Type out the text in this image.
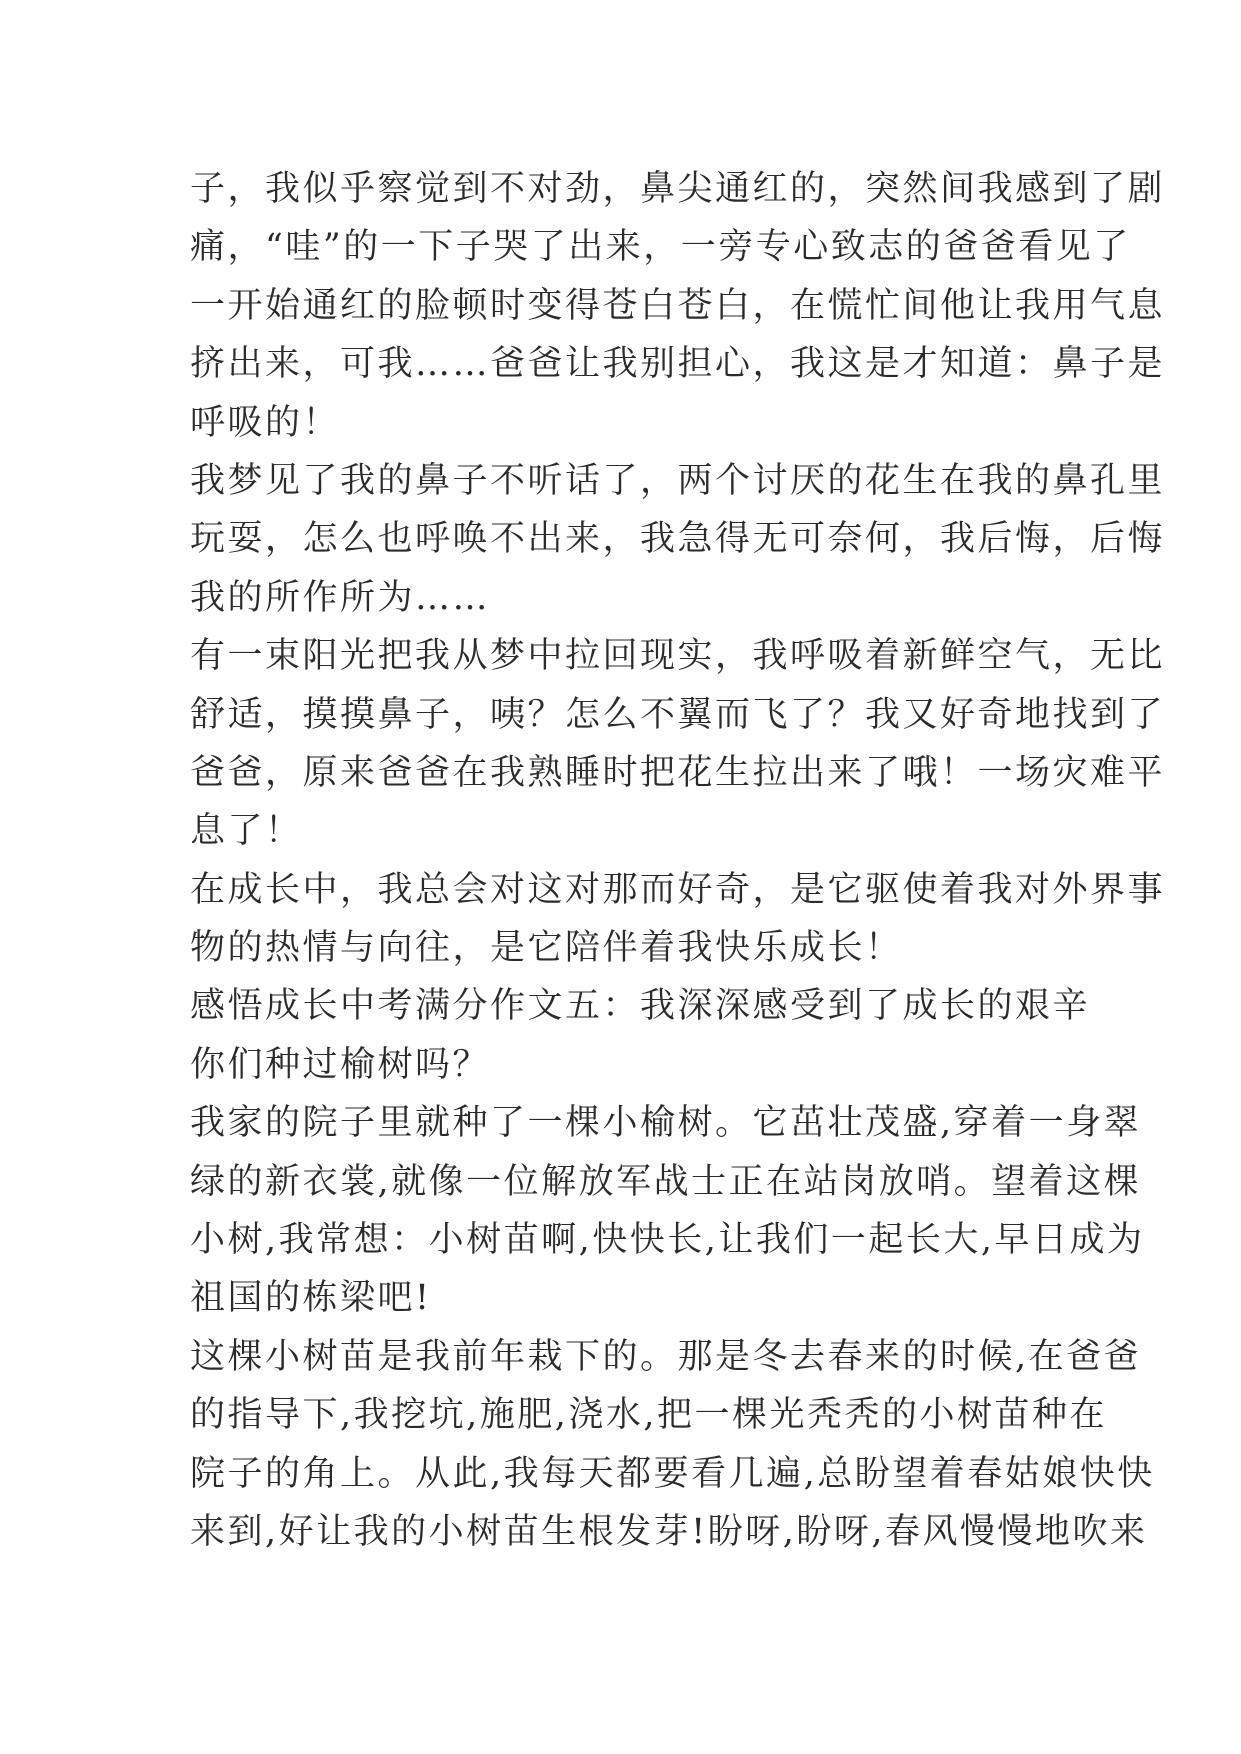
子，我似乎察觉到不对劲，鼻尖通红的，突然间我感到了剧
痛，“哇”的一下子哭了出来，一旁专心致志的爸爸看见了
一开始通红的脸顿时变得苍白苍白，在慌忙间他让我用气息
挤出来，可我……爸爸让我别担心，我这是才知道：鼻子是
呼吸的！
我梦见了我的鼻子不听话了，两个讨厌的花生在我的鼻孔里
玩耍，怎么也呼唤不出来，我急得无可奈何，我后悔，后悔
我的所作所为……
有一束阳光把我从梦中拉回现实，我呼吸着新鲜空气，无比
舒适，摸摸鼻子，咦？怎么不翼而飞了？我又好奇地找到了
爸爸，原来爸爸在我熟睡时把花生拉出来了哦！一场灾难平
息了！
在成长中，我总会对这对那而好奇，是它驱使着我对外界事
物的热情与向往，是它陪伴着我快乐成长！
感悟成长中考满分作文五：我深深感受到了成长的艰辛
你们种过榆树吗？
我家的院子里就种了一棵小榆树。它茁壮茂盛,穿着一身翠
绿的新衣裳,就像一位解放军战士正在站岗放哨。望着这棵
小树,我常想：小树苗啊,快快长,让我们一起长大,早日成为
祖国的栋梁吧!
这棵小树苗是我前年栽下的。那是冬去春来的时候,在爸爸
的指导下,我挖坑,施肥,浇水,把一棵光秃秃的小树苗种在
院子的角上。从此,我每天都要看几遍,总盼望着春姑娘快快
来到,好让我的小树苗生根发芽!盼呀,盼呀,春风慢慢地吹来
